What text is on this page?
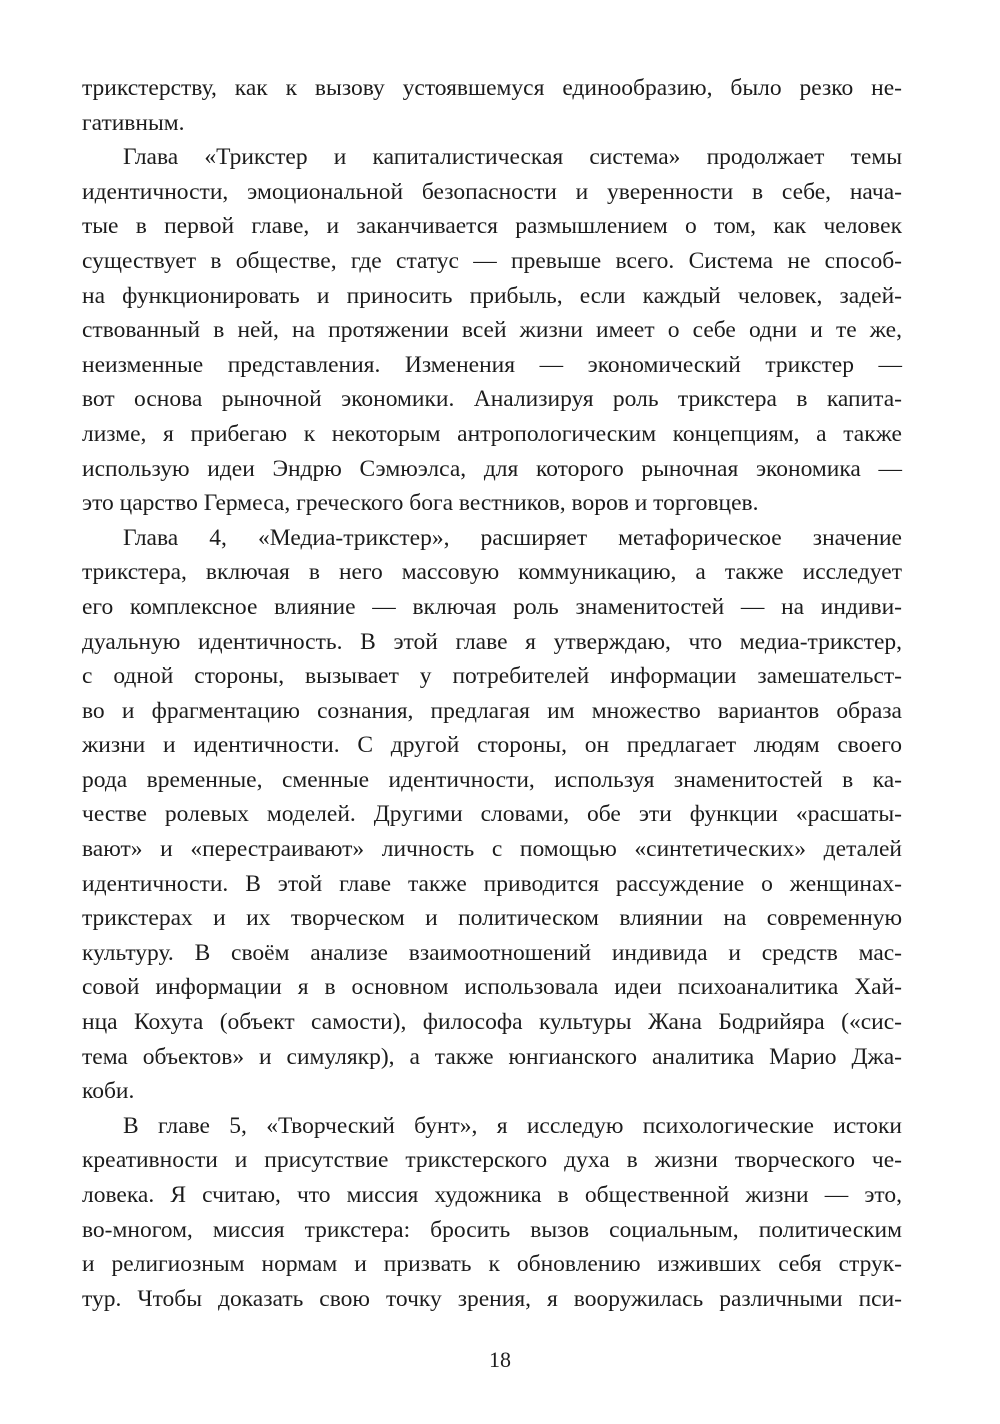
трикстерству, как к вызову устоявшемуся единообразию, было резко не-
гативным.
Глава «Трикстер и капиталистическая система» продолжает темы
идентичности, эмоциональной безопасности и уверенности в себе, нача-
тые в первой главе, и заканчивается размышлением о том, как человек
существует в обществе, где статус — превыше всего. Система не способ-
на функционировать и приносить прибыль, если каждый человек, задей-
ствованный в ней, на протяжении всей жизни имеет о себе одни и те же,
неизменные представления. Изменения — экономический трикстер —
вот основа рыночной экономики. Анализируя роль трикстера в капита-
лизме, я прибегаю к некоторым антропологическим концепциям, а также
использую идеи Эндрю Сэмюэлса, для которого рыночная экономика —
это царство Гермеса, греческого бога вестников, воров и торговцев.
Глава 4, «Медиа-трикстер», расширяет метафорическое значение
трикстера, включая в него массовую коммуникацию, а также исследует
его комплексное влияние — включая роль знаменитостей — на индиви-
дуальную идентичность. В этой главе я утверждаю, что медиа-трикстер,
с одной стороны, вызывает у потребителей информации замешательст-
во и фрагментацию сознания, предлагая им множество вариантов образа
жизни и идентичности. С другой стороны, он предлагает людям своего
рода временные, сменные идентичности, используя знаменитостей в ка-
честве ролевых моделей. Другими словами, обе эти функции «расшаты-
вают» и «перестраивают» личность с помощью «синтетических» деталей
идентичности. В этой главе также приводится рассуждение о женщинах-
трикстерах и их творческом и политическом влиянии на современную
культуру. В своём анализе взаимоотношений индивида и средств мас-
совой информации я в основном использовала идеи психоаналитика Хай-
нца Кохута (объект самости), философа культуры Жана Бодрийяра («сис-
тема объектов» и симулякр), а также юнгианского аналитика Марио Джа-
коби.
В главе 5, «Творческий бунт», я исследую психологические истоки
креативности и присутствие трикстерского духа в жизни творческого че-
ловека. Я считаю, что миссия художника в общественной жизни — это,
во-многом, миссия трикстера: бросить вызов социальным, политическим
и религиозным нормам и призвать к обновлению изживших себя струк-
тур. Чтобы доказать свою точку зрения, я вооружилась различными пси-
18
